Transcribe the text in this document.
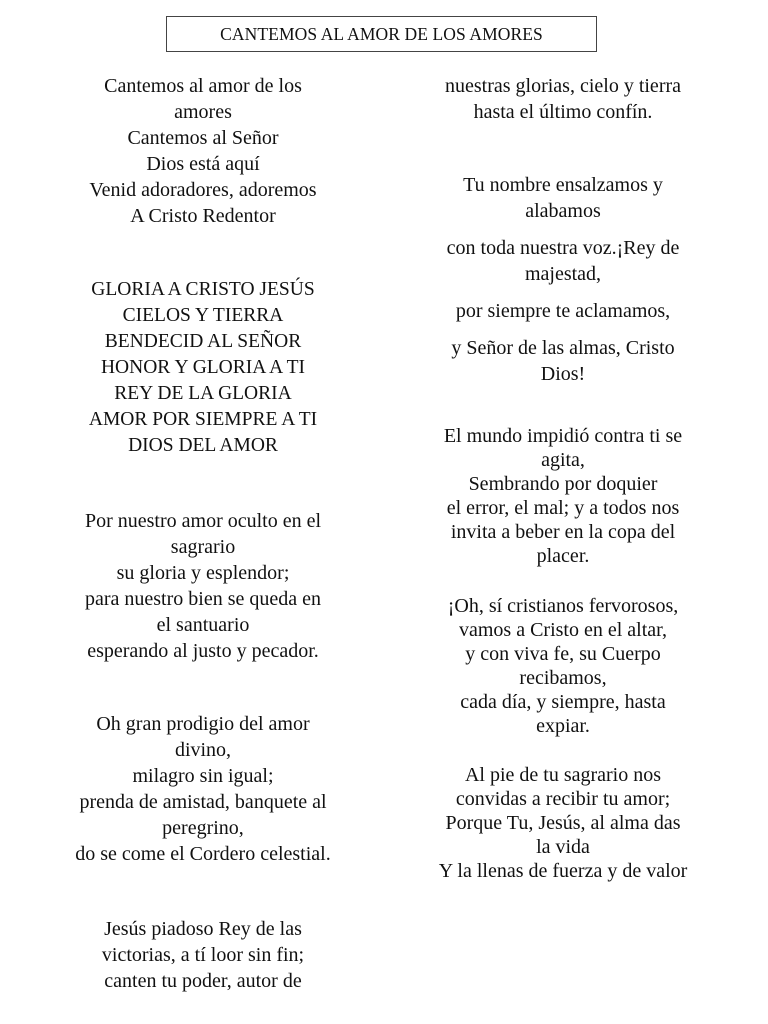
CANTEMOS AL AMOR DE LOS AMORES
Cantemos al amor de los
amores
Cantemos al Señor
Dios está aquí
Venid adoradores, adoremos
A Cristo Redentor
GLORIA A CRISTO JESÚS
CIELOS Y TIERRA
BENDECID AL SEÑOR
HONOR Y GLORIA A TI
REY DE LA GLORIA
AMOR POR SIEMPRE A TI
DIOS DEL AMOR
Por nuestro amor oculto en el
sagrario
su gloria y esplendor;
para nuestro bien se queda en
el santuario
esperando al justo y pecador.
Oh gran prodigio del amor
divino,
milagro sin igual;
prenda de amistad, banquete al
peregrino,
do se come el Cordero celestial.
Jesús piadoso Rey de las
victorias, a tí loor sin fin;
canten tu poder, autor de
nuestras glorias, cielo y tierra
hasta el último confín.
Tu nombre ensalzamos y
alabamos
con toda nuestra voz.¡Rey de
majestad,
por siempre te aclamamos,
y Señor de las almas, Cristo
Dios!
El mundo impidió contra ti se
agita,
Sembrando por doquier
el error, el mal; y a todos nos
invita a beber en la copa del
placer.
¡Oh, sí cristianos fervorosos,
vamos a Cristo en el altar,
y con viva fe, su Cuerpo
recibamos,
cada día, y siempre, hasta
expiar.
Al pie de tu sagrario nos
convidas a recibir tu amor;
Porque Tu, Jesús, al alma das
la vida
Y la llenas de fuerza y de valor
